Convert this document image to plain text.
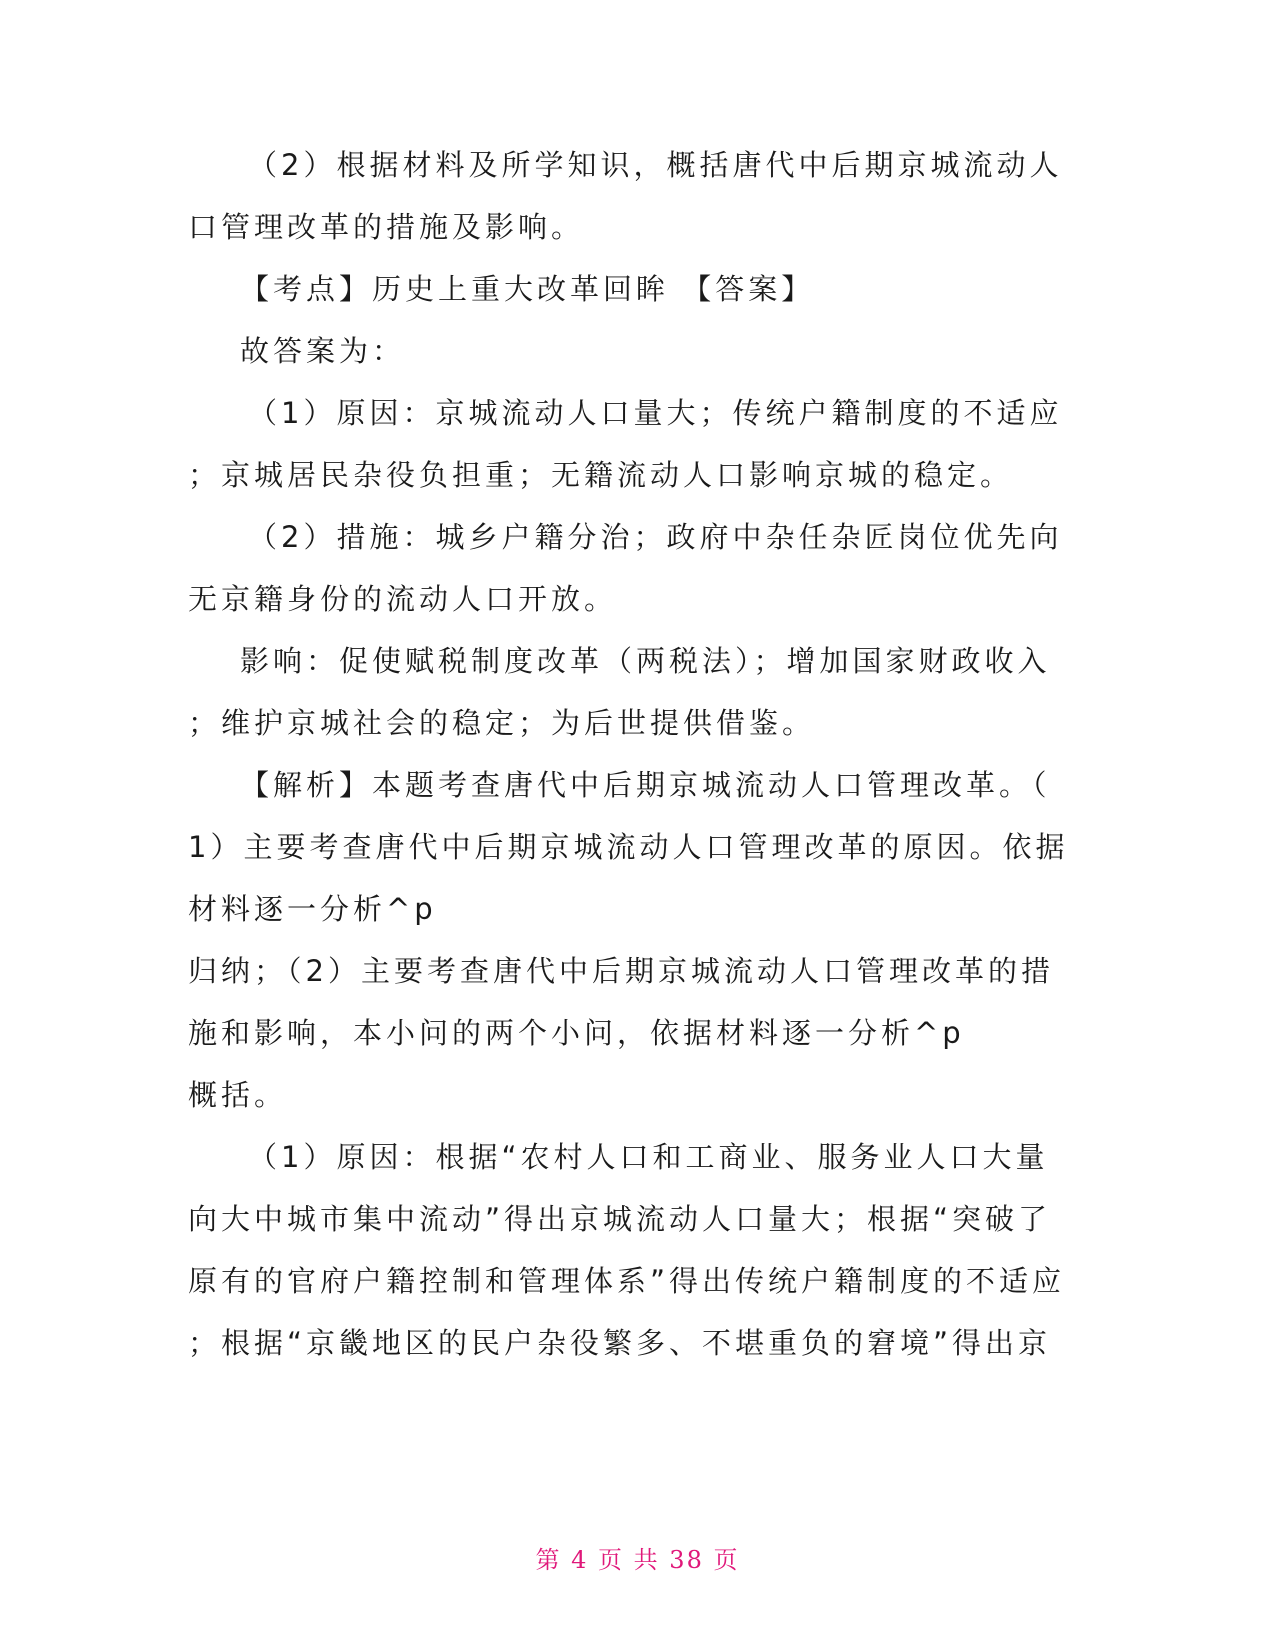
（2）根据材料及所学知识，概括唐代中后期京城流动人
口管理改革的措施及影响。
【考点】历史上重大改革回眸 【答案】
故答案为：
（1）原因：京城流动人口量大；传统户籍制度的不适应
；京城居民杂役负担重；无籍流动人口影响京城的稳定。
（2）措施：城乡户籍分治；政府中杂任杂匠岗位优先向
无京籍身份的流动人口开放。
影响：促使赋税制度改革（两税法）；增加国家财政收入
；维护京城社会的稳定；为后世提供借鉴。
【解析】本题考查唐代中后期京城流动人口管理改革。（
1）主要考查唐代中后期京城流动人口管理改革的原因。依据
材料逐一分析^p
归纳；（2）主要考查唐代中后期京城流动人口管理改革的措
施和影响，本小问的两个小问，依据材料逐一分析^p
概括。
（1）原因：根据“农村人口和工商业、服务业人口大量
向大中城市集中流动”得出京城流动人口量大；根据“突破了
原有的官府户籍控制和管理体系”得出传统户籍制度的不适应
；根据“京畿地区的民户杂役繁多、不堪重负的窘境”得出京
第 4 页 共 38 页
